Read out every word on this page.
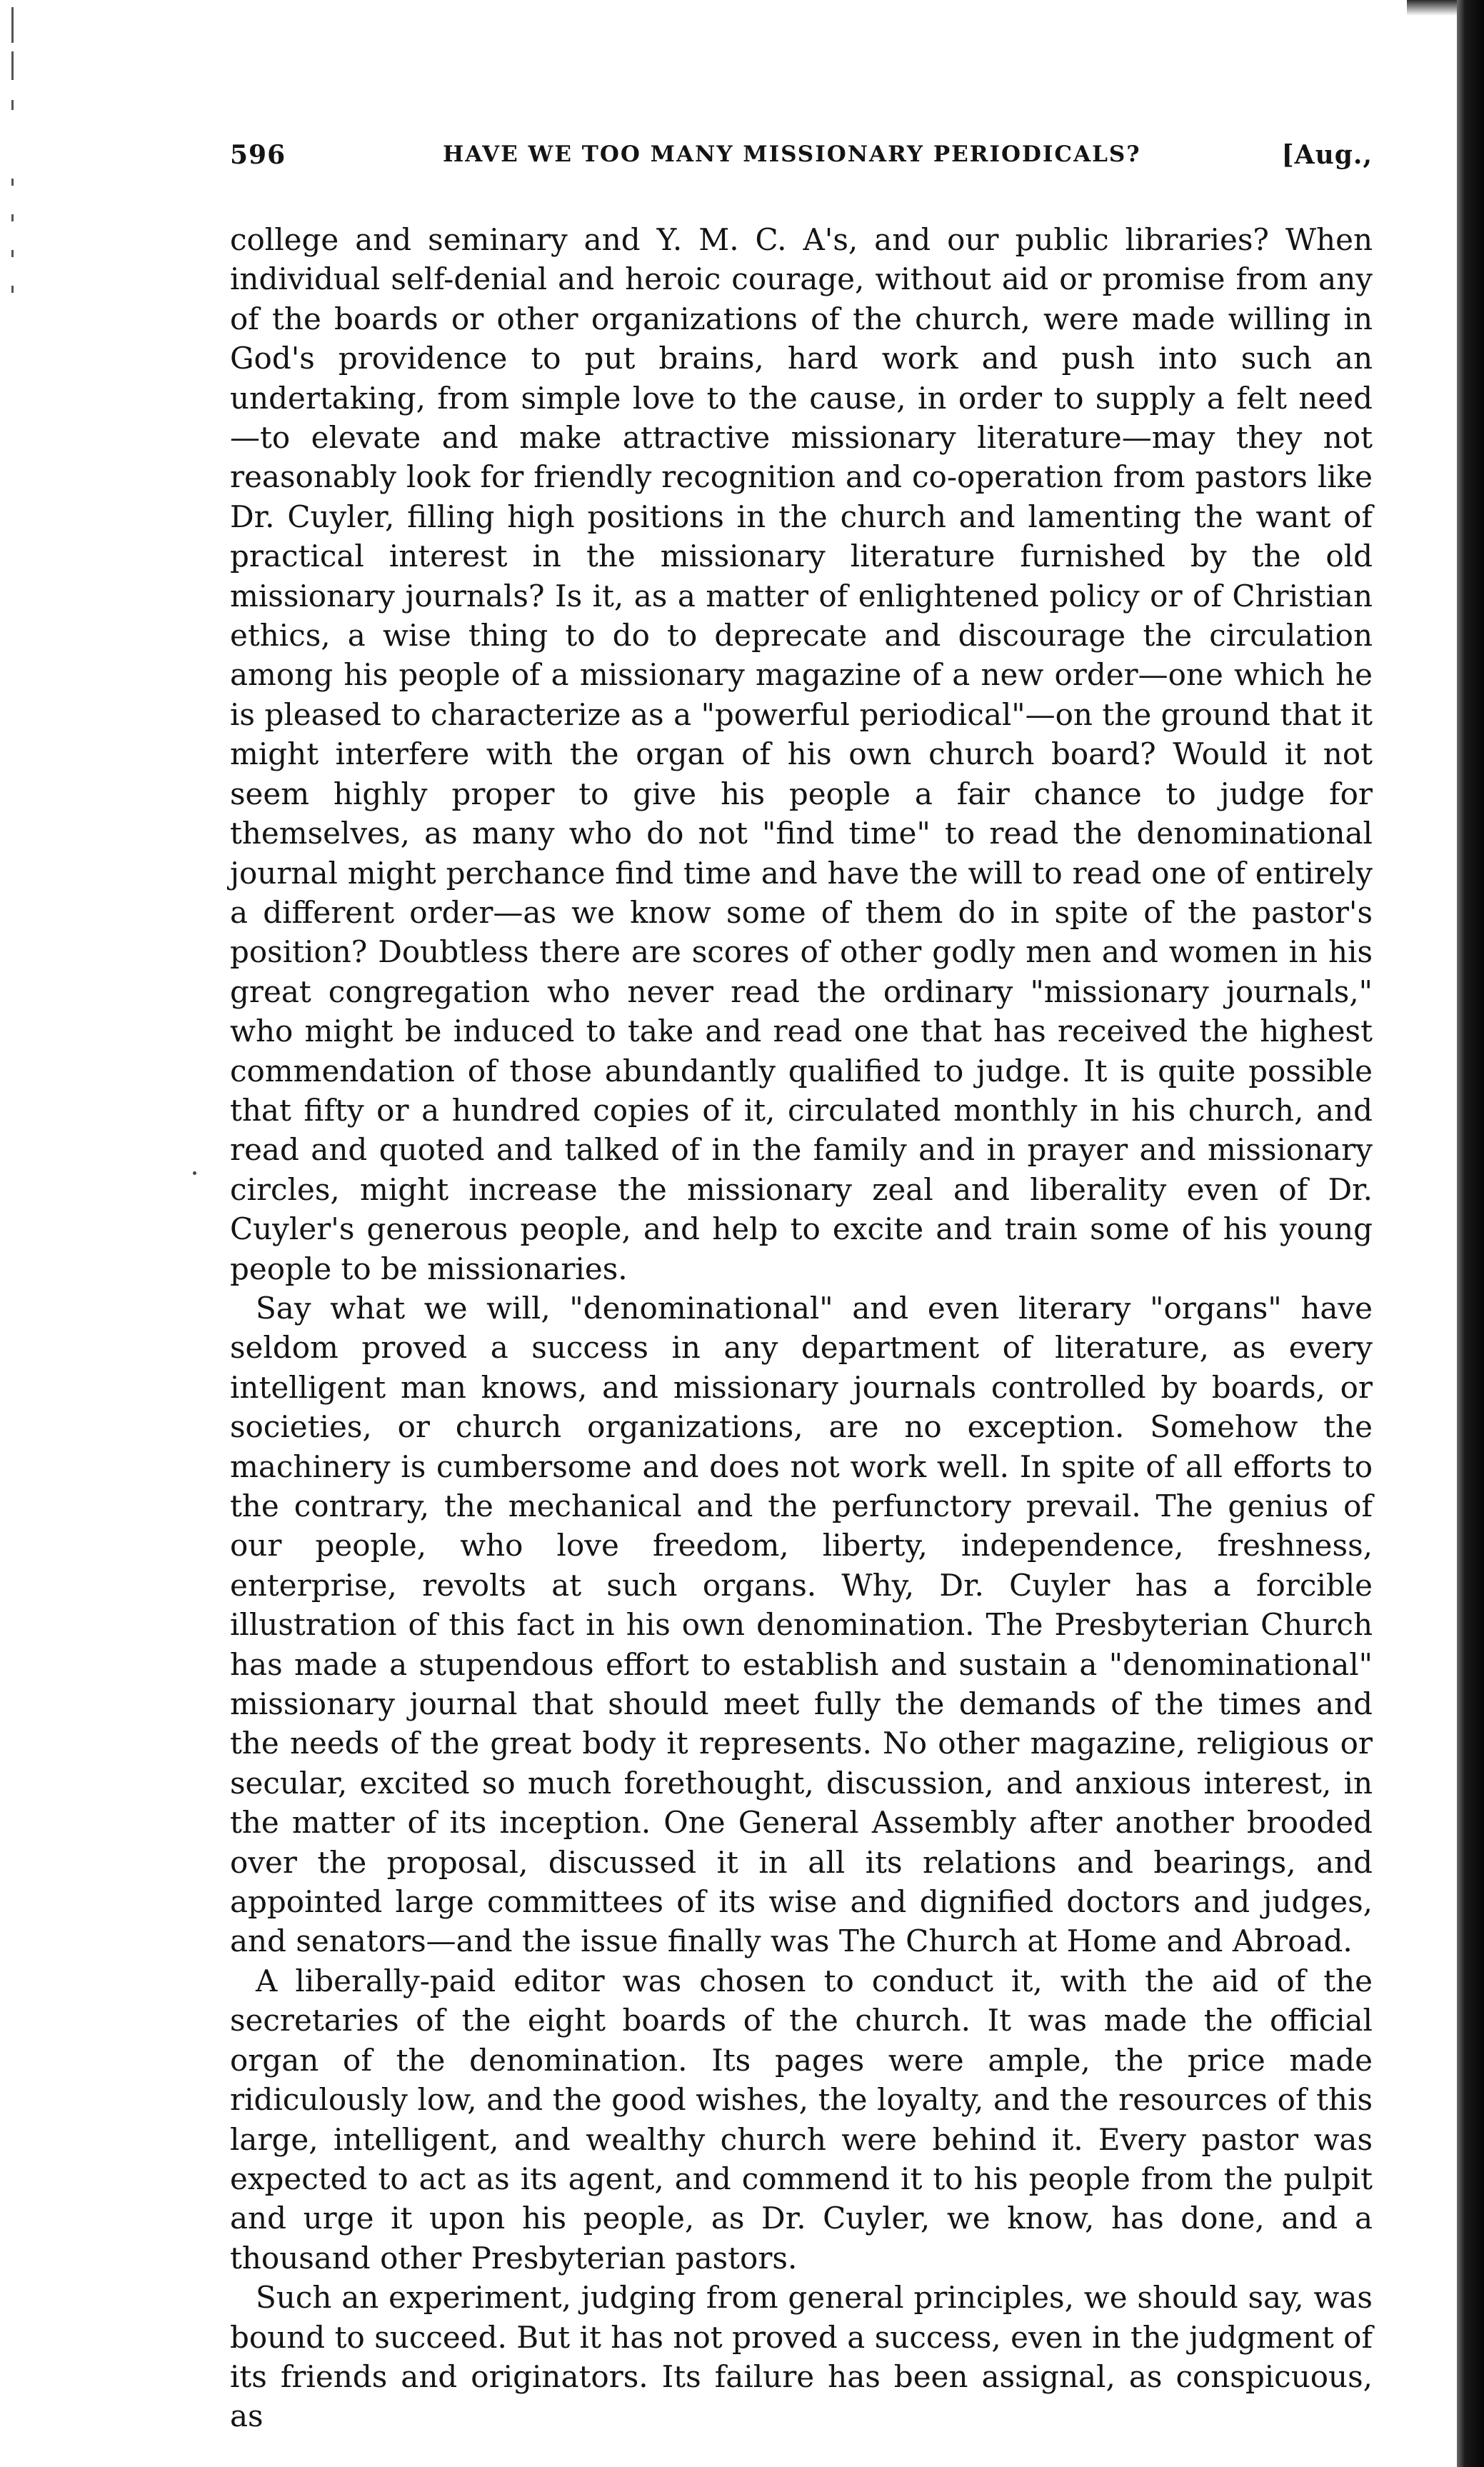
596	HAVE WE TOO MANY MISSIONARY PERIODICALS?	[Aug.,

college and seminary and Y. M. C. A's, and our public libraries? When individual self-denial and heroic courage, without aid or promise from any of the boards or other organizations of the church, were made willing in God's providence to put brains, hard work and push into such an undertaking, from simple love to the cause, in order to supply a felt need—to elevate and make attractive missionary literature—may they not reasonably look for friendly recognition and co-operation from pastors like Dr. Cuyler, filling high positions in the church and lamenting the want of practical interest in the missionary literature furnished by the old missionary journals? Is it, as a matter of enlightened policy or of Christian ethics, a wise thing to do to deprecate and discourage the circulation among his people of a missionary magazine of a new order—one which he is pleased to characterize as a "powerful periodical"—on the ground that it might interfere with the organ of his own church board? Would it not seem highly proper to give his people a fair chance to judge for themselves, as many who do not "find time" to read the denominational journal might perchance find time and have the will to read one of entirely a different order—as we know some of them do in spite of the pastor's position? Doubtless there are scores of other godly men and women in his great congregation who never read the ordinary "missionary journals," who might be induced to take and read one that has received the highest commendation of those abundantly qualified to judge. It is quite possible that fifty or a hundred copies of it, circulated monthly in his church, and read and quoted and talked of in the family and in prayer and missionary circles, might increase the missionary zeal and liberality even of Dr. Cuyler's generous people, and help to excite and train some of his young people to be missionaries.

Say what we will, "denominational" and even literary "organs" have seldom proved a success in any department of literature, as every intelligent man knows, and missionary journals controlled by boards, or societies, or church organizations, are no exception. Somehow the machinery is cumbersome and does not work well. In spite of all efforts to the contrary, the mechanical and the perfunctory prevail. The genius of our people, who love freedom, liberty, independence, freshness, enterprise, revolts at such organs. Why, Dr. Cuyler has a forcible illustration of this fact in his own denomination. The Presbyterian Church has made a stupendous effort to establish and sustain a "denominational" missionary journal that should meet fully the demands of the times and the needs of the great body it represents. No other magazine, religious or secular, excited so much forethought, discussion, and anxious interest, in the matter of its inception. One General Assembly after another brooded over the proposal, discussed it in all its relations and bearings, and appointed large committees of its wise and dignified doctors and judges, and senators—and the issue finally was The Church at Home and Abroad.

A liberally-paid editor was chosen to conduct it, with the aid of the secretaries of the eight boards of the church. It was made the official organ of the denomination. Its pages were ample, the price made ridiculously low, and the good wishes, the loyalty, and the resources of this large, intelligent, and wealthy church were behind it. Every pastor was expected to act as its agent, and commend it to his people from the pulpit and urge it upon his people, as Dr. Cuyler, we know, has done, and a thousand other Presbyterian pastors.

Such an experiment, judging from general principles, we should say, was bound to succeed. But it has not proved a success, even in the judgment of its friends and originators. Its failure has been assignal, as conspicuous, as
